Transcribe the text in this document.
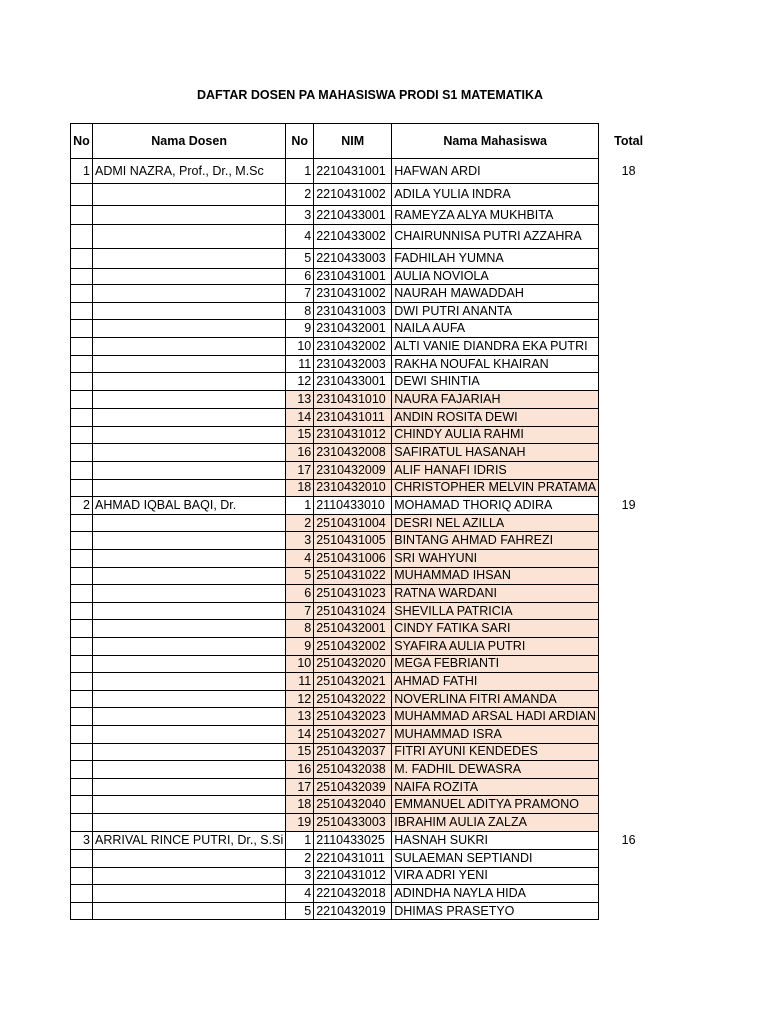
DAFTAR DOSEN PA MAHASISWA PRODI S1 MATEMATIKA
No	Nama Dosen	No	NIM	Nama Mahasiswa	Total
1	ADMI NAZRA, Prof., Dr., M.Sc	1	2210431001	HAFWAN ARDI	18
		2	2210431002	ADILA YULIA INDRA	
		3	2210433001	RAMEYZA ALYA MUKHBITA	
		4	2210433002	CHAIRUNNISA PUTRI AZZAHRA	
		5	2210433003	FADHILAH YUMNA	
		6	2310431001	AULIA NOVIOLA	
		7	2310431002	NAURAH MAWADDAH	
		8	2310431003	DWI PUTRI ANANTA	
		9	2310432001	NAILA AUFA	
		10	2310432002	ALTI VANIE DIANDRA EKA PUTRI	
		11	2310432003	RAKHA NOUFAL KHAIRAN	
		12	2310433001	DEWI SHINTIA	
		13	2310431010	NAURA FAJARIAH	
		14	2310431011	ANDIN ROSITA DEWI	
		15	2310431012	CHINDY AULIA RAHMI	
		16	2310432008	SAFIRATUL HASANAH	
		17	2310432009	ALIF HANAFI IDRIS	
		18	2310432010	CHRISTOPHER MELVIN PRATAMA	
2	AHMAD IQBAL BAQI, Dr.	1	2110433010	MOHAMAD THORIQ ADIRA	19
		2	2510431004	DESRI NEL AZILLA	
		3	2510431005	BINTANG AHMAD FAHREZI	
		4	2510431006	SRI WAHYUNI	
		5	2510431022	MUHAMMAD IHSAN	
		6	2510431023	RATNA WARDANI	
		7	2510431024	SHEVILLA PATRICIA	
		8	2510432001	CINDY FATIKA SARI	
		9	2510432002	SYAFIRA AULIA PUTRI	
		10	2510432020	MEGA FEBRIANTI	
		11	2510432021	AHMAD FATHI	
		12	2510432022	NOVERLINA FITRI AMANDA	
		13	2510432023	MUHAMMAD ARSAL HADI ARDIAN	
		14	2510432027	MUHAMMAD ISRA	
		15	2510432037	FITRI AYUNI KENDEDES	
		16	2510432038	M. FADHIL DEWASRA	
		17	2510432039	NAIFA ROZITA	
		18	2510432040	EMMANUEL ADITYA PRAMONO	
		19	2510433003	IBRAHIM AULIA ZALZA	
3	ARRIVAL RINCE PUTRI, Dr., S.Si	1	2110433025	HASNAH SUKRI	16
		2	2210431011	SULAEMAN SEPTIANDI	
		3	2210431012	VIRA ADRI YENI	
		4	2210432018	ADINDHA NAYLA HIDA	
		5	2210432019	DHIMAS PRASETYO	
